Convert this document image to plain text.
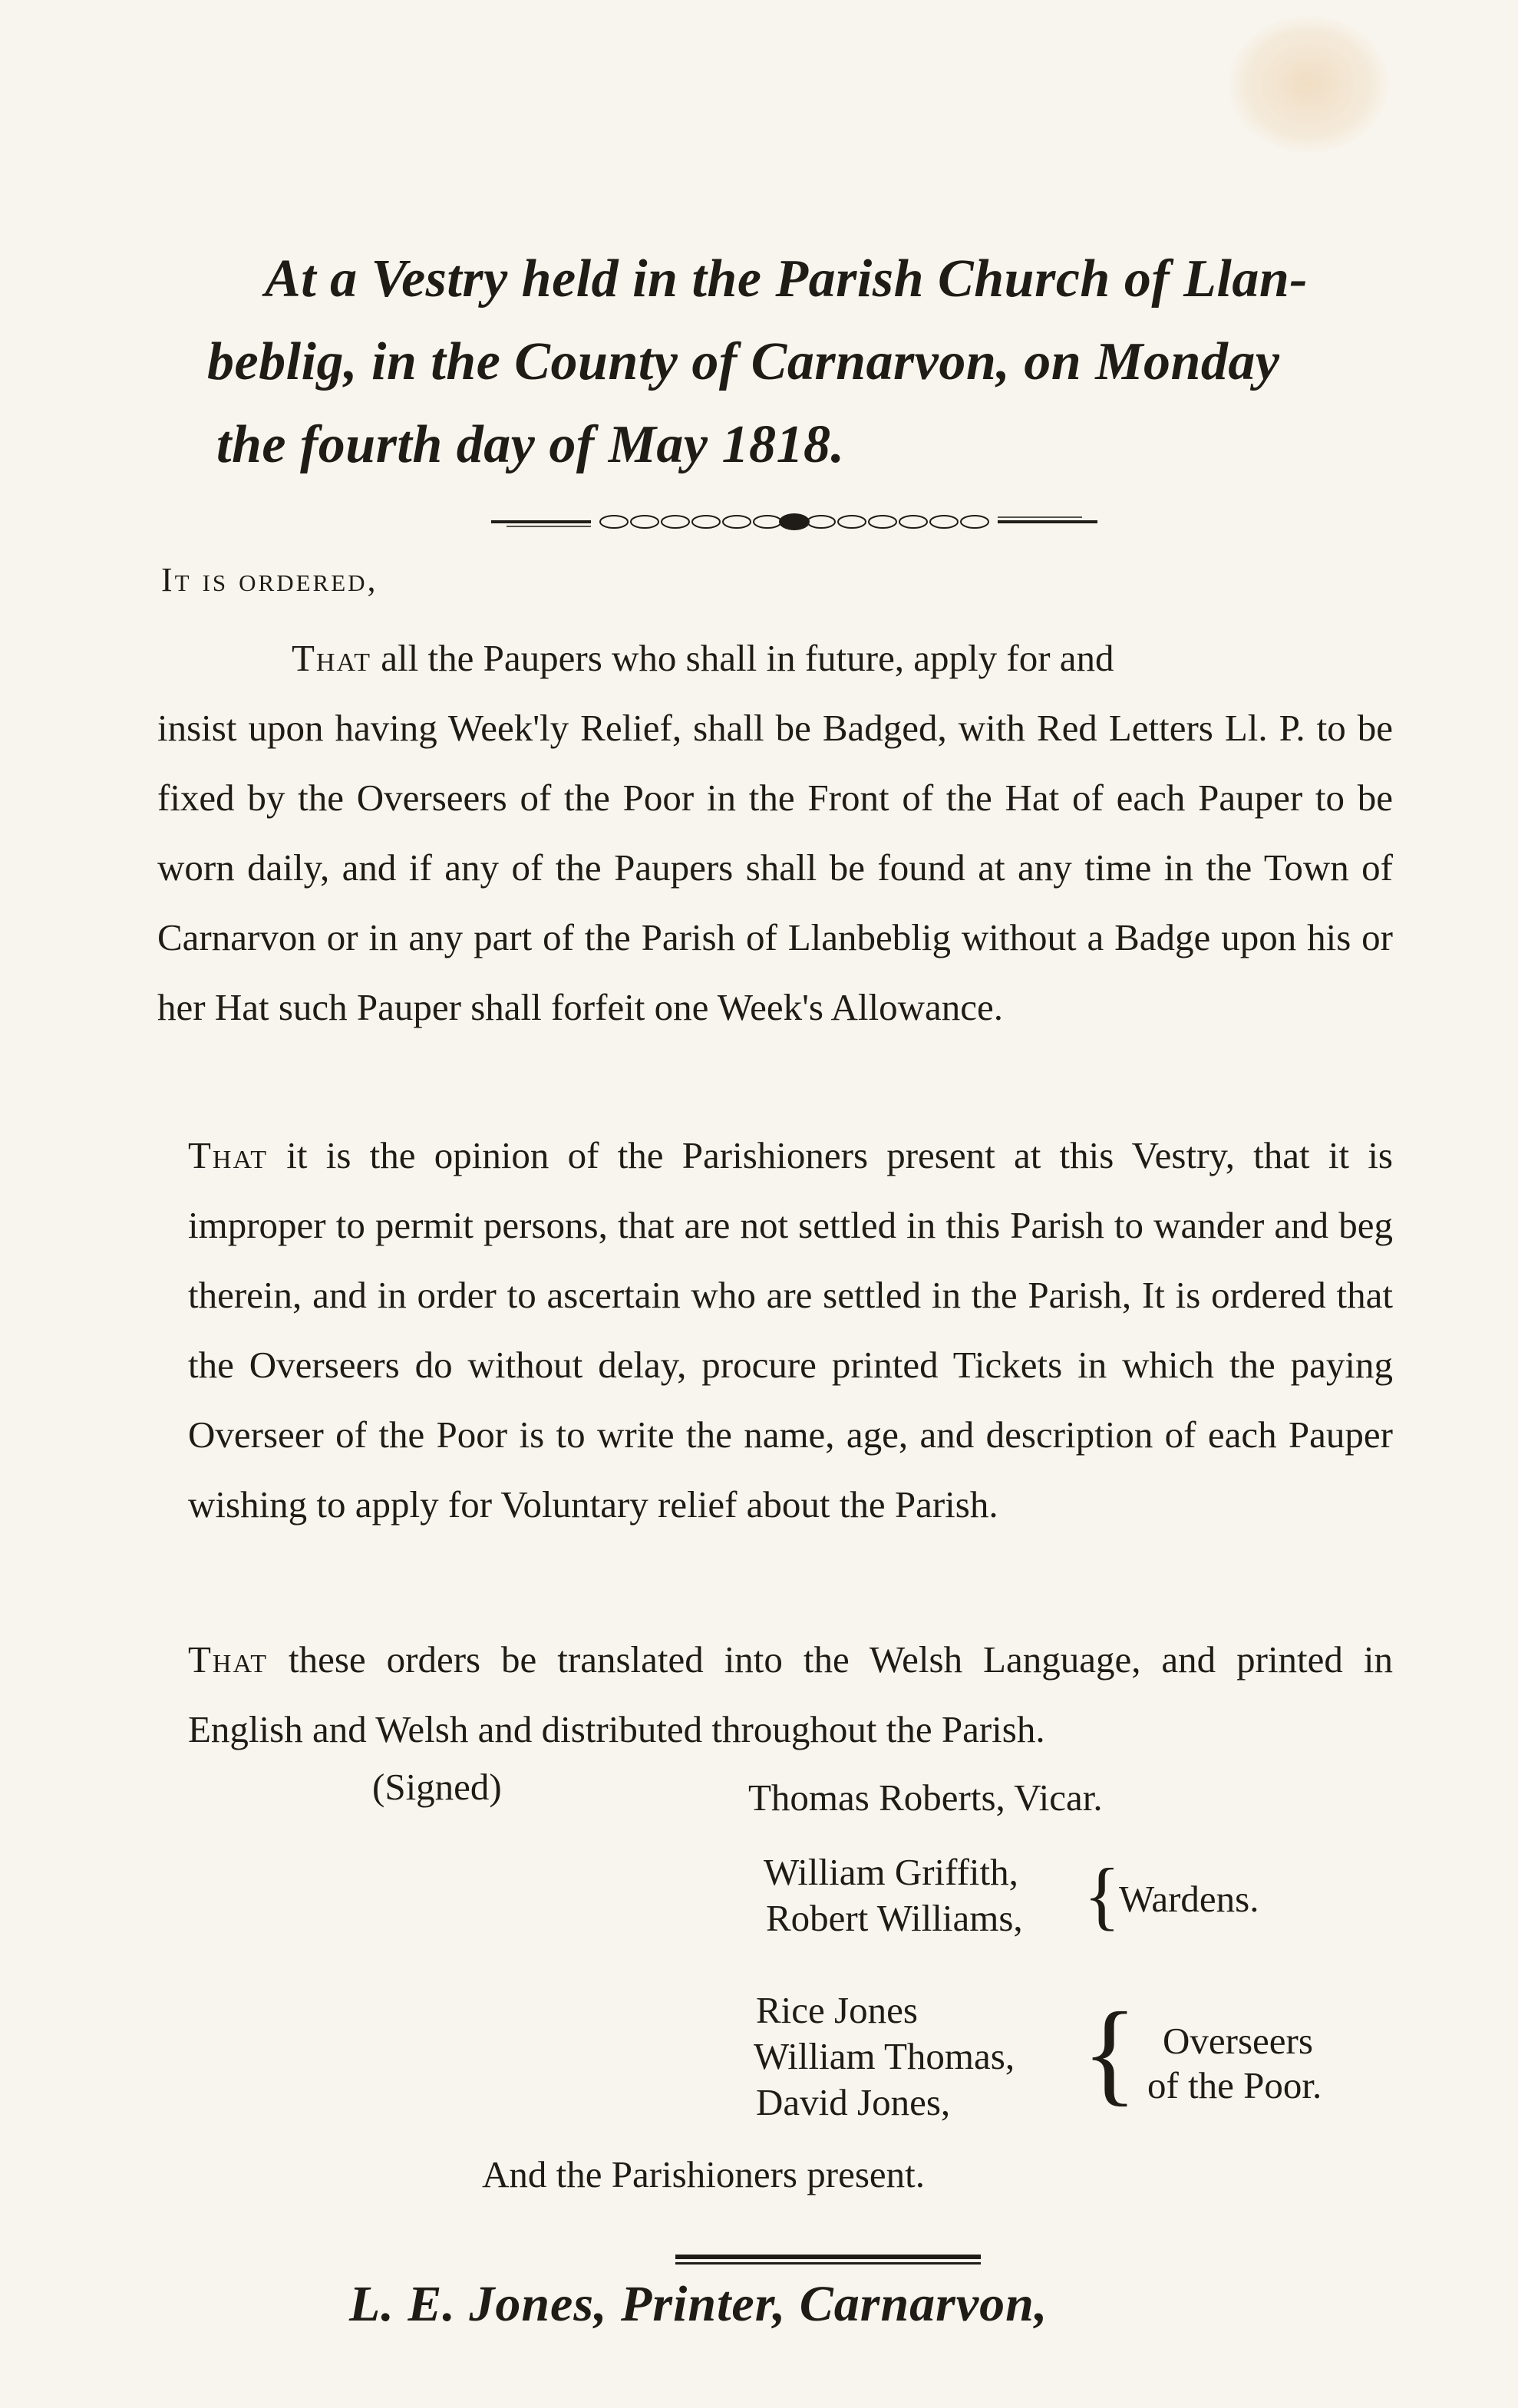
At a Vestry held in the Parish Church of Llan-
beblig, in the County of Carnarvon, on Monday
the fourth day of May 1818.
It is ordered,
That all the Paupers who shall in future, apply for and
insist upon having Week'ly Relief, shall be Badged, with Red Letters Ll. P. to be fixed by the Overseers of the Poor in the Front of the Hat of each Pauper to be worn daily, and if any of the Paupers shall be found at any time in the Town of Carnarvon or in any part of the Parish of Llanbeblig without a Badge upon his or her Hat such Pauper shall forfeit one Week's Allowance.
That it is the opinion of the Parishioners present at this Vestry, that it is improper to permit persons, that are not settled in this Parish to wander and beg therein, and in order to ascertain who are settled in the Parish, It is ordered that the Overseers do without delay, procure printed Tickets in which the paying Overseer of the Poor is to write the name, age, and description of each Pauper wishing to apply for Voluntary relief about the Parish.
That these orders be translated into the Welsh Language, and printed in English and Welsh and distributed throughout the Parish.
(Signed)	Thomas Roberts, Vicar.
William Griffith,
Robert Williams, {
Wardens.
Rice Jones
William Thomas,
David Jones, { Overseers
of the Poor.
And the Parishioners present.
L. E. Jones, Printer, Carnarvon,
